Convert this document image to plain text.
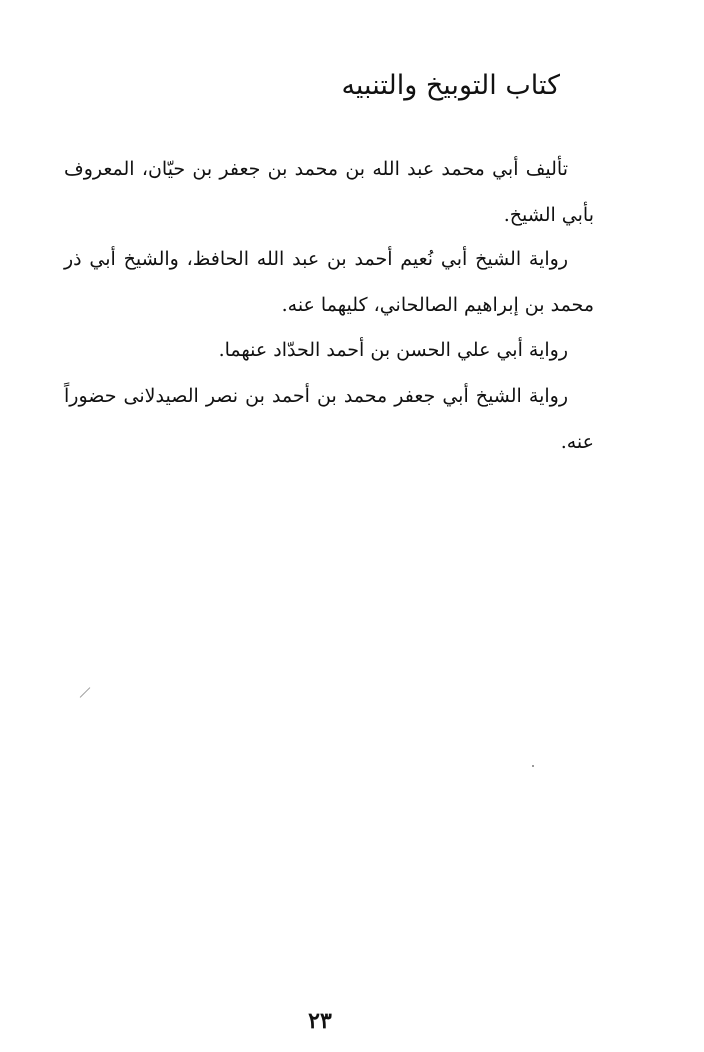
كتاب التوبيخ والتنبيه
تأليف أبي محمد عبد الله بن محمد بن جعفر بن حيّان، المعروف بأبي الشيخ.
رواية الشيخ أبي نُعيم أحمد بن عبد الله الحافظ، والشيخ أبي ذر محمد بن إبراهيم الصالحاني، كليهما عنه.
رواية أبي علي الحسن بن أحمد الحدّاد عنهما.
رواية الشيخ أبي جعفر محمد بن أحمد بن نصر الصيدلانى حضوراً عنه.
٢٣
